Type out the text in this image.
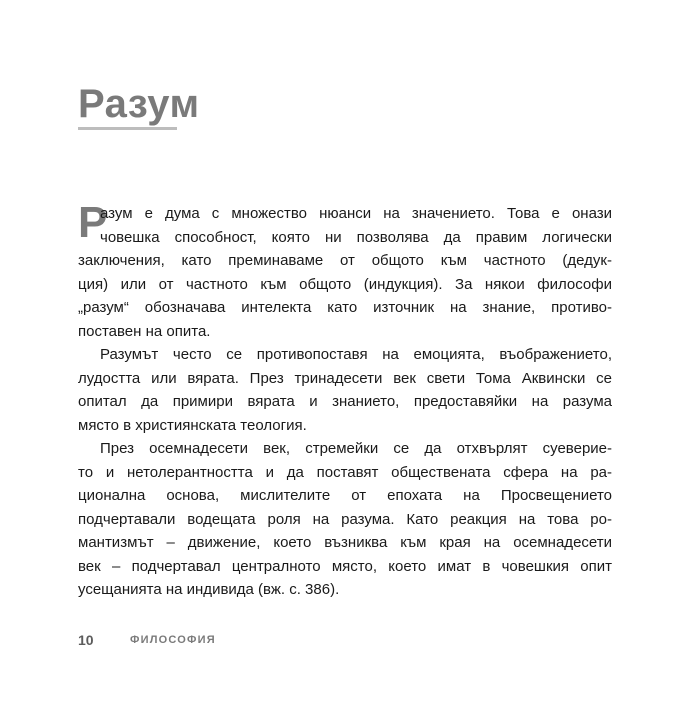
Разум
Р
азум е дума с множество нюанси на значението. Това е онази
човешка способност, която ни позволява да правим логически
заключения, като преминаваме от общото към частното (дедук-
ция) или от частното към общото (индукция). За някои философи
„разум“ обозначава интелекта като източник на знание, противо-
поставен на опита.
Разумът често се противопоставя на емоцията, въображението,
лудостта или вярата. През тринадесети век свети Тома Аквински се
опитал да примири вярата и знанието, предоставяйки на разума
място в християнската теология.
През осемнадесети век, стремейки се да отхвърлят суеверие-
то и нетолерантността и да поставят обществената сфера на ра-
ционална основа, мислителите от епохата на Просвещението
подчертавали водещата роля на разума. Като реакция на това ро-
мантизмът – движение, което възниква към края на осемнадесети
век – подчертавал централното място, което имат в човешкия опит
усещанията на индивида (вж. с. 386).
10	ФИЛОСОФИЯ
